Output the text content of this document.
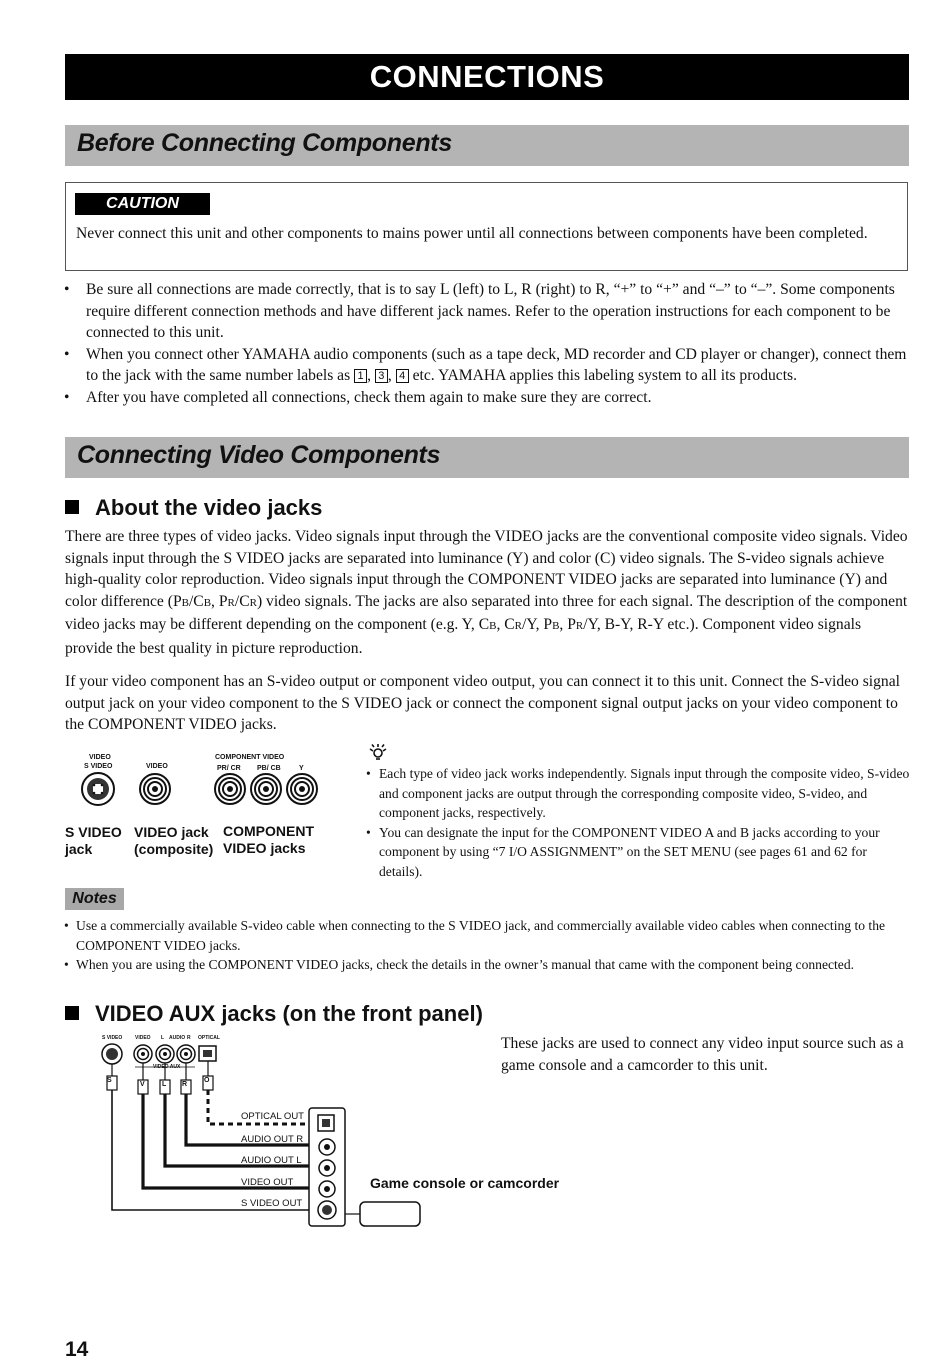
CONNECTIONS
Before Connecting Components
CAUTION
Never connect this unit and other components to mains power until all connections between components have been completed.
• Be sure all connections are made correctly, that is to say L (left) to L, R (right) to R, “+” to “+” and “–” to “–”. Some components require different connection methods and have different jack names. Refer to the operation instructions for each component to be connected to this unit.
• When you connect other YAMAHA audio components (such as a tape deck, MD recorder and CD player or changer), connect them to the jack with the same number labels as 1 , 3 , 4 etc. YAMAHA applies this labeling system to all its products.
• After you have completed all connections, check them again to make sure they are correct.
Connecting Video Components
About the video jacks
There are three types of video jacks. Video signals input through the VIDEO jacks are the conventional composite video signals. Video signals input through the S VIDEO jacks are separated into luminance (Y) and color (C) video signals. The S-video signals achieve high-quality color reproduction. Video signals input through the COMPONENT VIDEO jacks are separated into luminance (Y) and color difference (PB/CB, PR/CR) video signals. The jacks are also separated into three for each signal. The description of the component video jacks may be different depending on the component (e.g. Y, CB, CR/Y, PB, PR/Y, B-Y, R-Y etc.). Component video signals provide the best quality in picture reproduction.
If your video component has an S-video output or component video output, you can connect it to this unit. Connect the S-video signal output jack on your video component to the S VIDEO jack or connect the component signal output jacks on your video component to the COMPONENT VIDEO jacks.
VIDEO
S VIDEO	VIDEO
COMPONENT VIDEO
PR/ CR PB/ CB	Y
S VIDEO
jack
VIDEO jack
(composite)
COMPONENT
VIDEO jacks
• Each type of video jack works independently. Signals input through the composite video, S-video and component jacks are output through the corresponding composite video, S-video, and component jacks, respectively.
• You can designate the input for the COMPONENT VIDEO A and B jacks according to your component by using “7 I/O ASSIGNMENT” on the SET MENU (see pages 61 and 62 for details).
Notes
• Use a commercially available S-video cable when connecting to the S VIDEO jack, and commercially available video cables when connecting to the COMPONENT VIDEO jacks.
• When you are using the COMPONENT VIDEO jacks, check the details in the owner’s manual that came with the component being connected.
VIDEO AUX jacks (on the front panel)
These jacks are used to connect any video input source such as a game console and a camcorder to this unit.
S VIDEO	VIDEO L AUDIO R OPTICAL
VIDEO AUX
S
V L R
O
OPTICAL OUT
AUDIO OUT R
AUDIO OUT L
VIDEO OUT
S VIDEO OUT
Game console or camcorder
14
